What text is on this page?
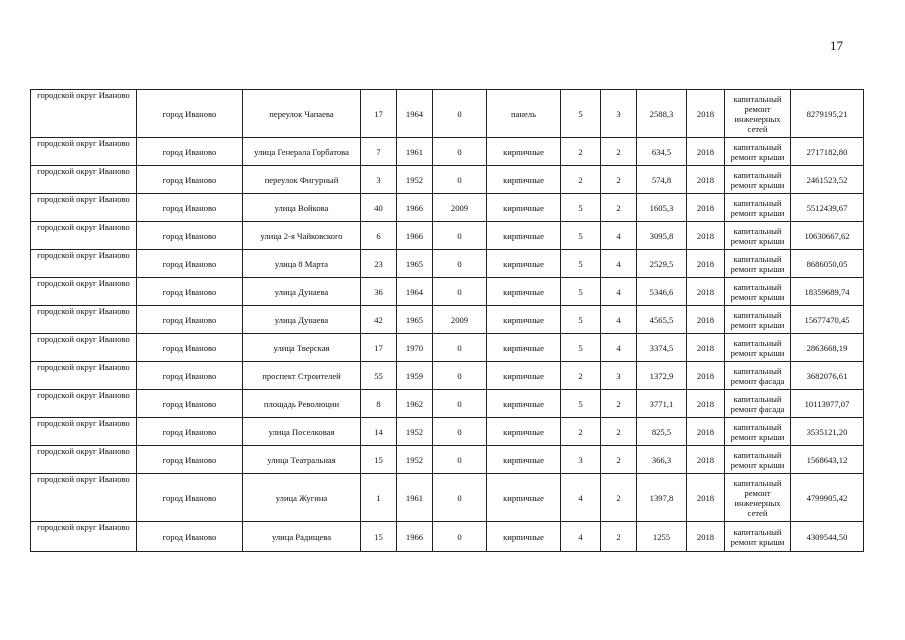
17
городской округ Иваново	город Иваново	переулок Чапаева	17	1964	0	панель	5	3	2588,3	2018	капитальный ремонт инженерных сетей	8279195,21
городской округ Иваново	город Иваново	улица Генерала Горбатова	7	1961	0	кирпичные	2	2	634,5	2018	капитальный ремонт крыши	2717182,80
городской округ Иваново	город Иваново	переулок Фигурный	3	1952	0	кирпичные	2	2	574,8	2018	капитальный ремонт крыши	2461523,52
городской округ Иваново	город Иваново	улица Войкова	40	1966	2009	кирпичные	5	2	1605,3	2018	капитальный ремонт крыши	5512439,67
городской округ Иваново	город Иваново	улица 2-я Чайковского	6	1966	0	кирпичные	5	4	3095,8	2018	капитальный ремонт крыши	10630667,62
городской округ Иваново	город Иваново	улица 8 Марта	23	1965	0	кирпичные	5	4	2529,5	2018	капитальный ремонт крыши	8686050,05
городской округ Иваново	город Иваново	улица Дунаева	36	1964	0	кирпичные	5	4	5346,6	2018	капитальный ремонт крыши	18359689,74
городской округ Иваново	город Иваново	улица Дунаева	42	1965	2009	кирпичные	5	4	4565,5	2018	капитальный ремонт крыши	15677470,45
городской округ Иваново	город Иваново	улица Тверская	17	1970	0	кирпичные	5	4	3374,5	2018	капитальный ремонт крыши	2863668,19
городской округ Иваново	город Иваново	проспект Строителей	55	1959	0	кирпичные	2	3	1372,9	2018	капитальный ремонт фасада	3682076,61
городской округ Иваново	город Иваново	площадь Революции	8	1962	0	кирпичные	5	2	3771,1	2018	капитальный ремонт фасада	10113977,07
городской округ Иваново	город Иваново	улица Поселковая	14	1952	0	кирпичные	2	2	825,5	2018	капитальный ремонт крыши	3535121,20
городской округ Иваново	город Иваново	улица Театральная	15	1952	0	кирпичные	3	2	366,3	2018	капитальный ремонт крыши	1568643,12
городской округ Иваново	город Иваново	улица Жугина	1	1961	0	кирпичные	4	2	1397,8	2018	капитальный ремонт инженерных сетей	4799905,42
городской округ Иваново	город Иваново	улица Радищева	15	1966	0	кирпичные	4	2	1255	2018	капитальный ремонт крыши	4309544,50
